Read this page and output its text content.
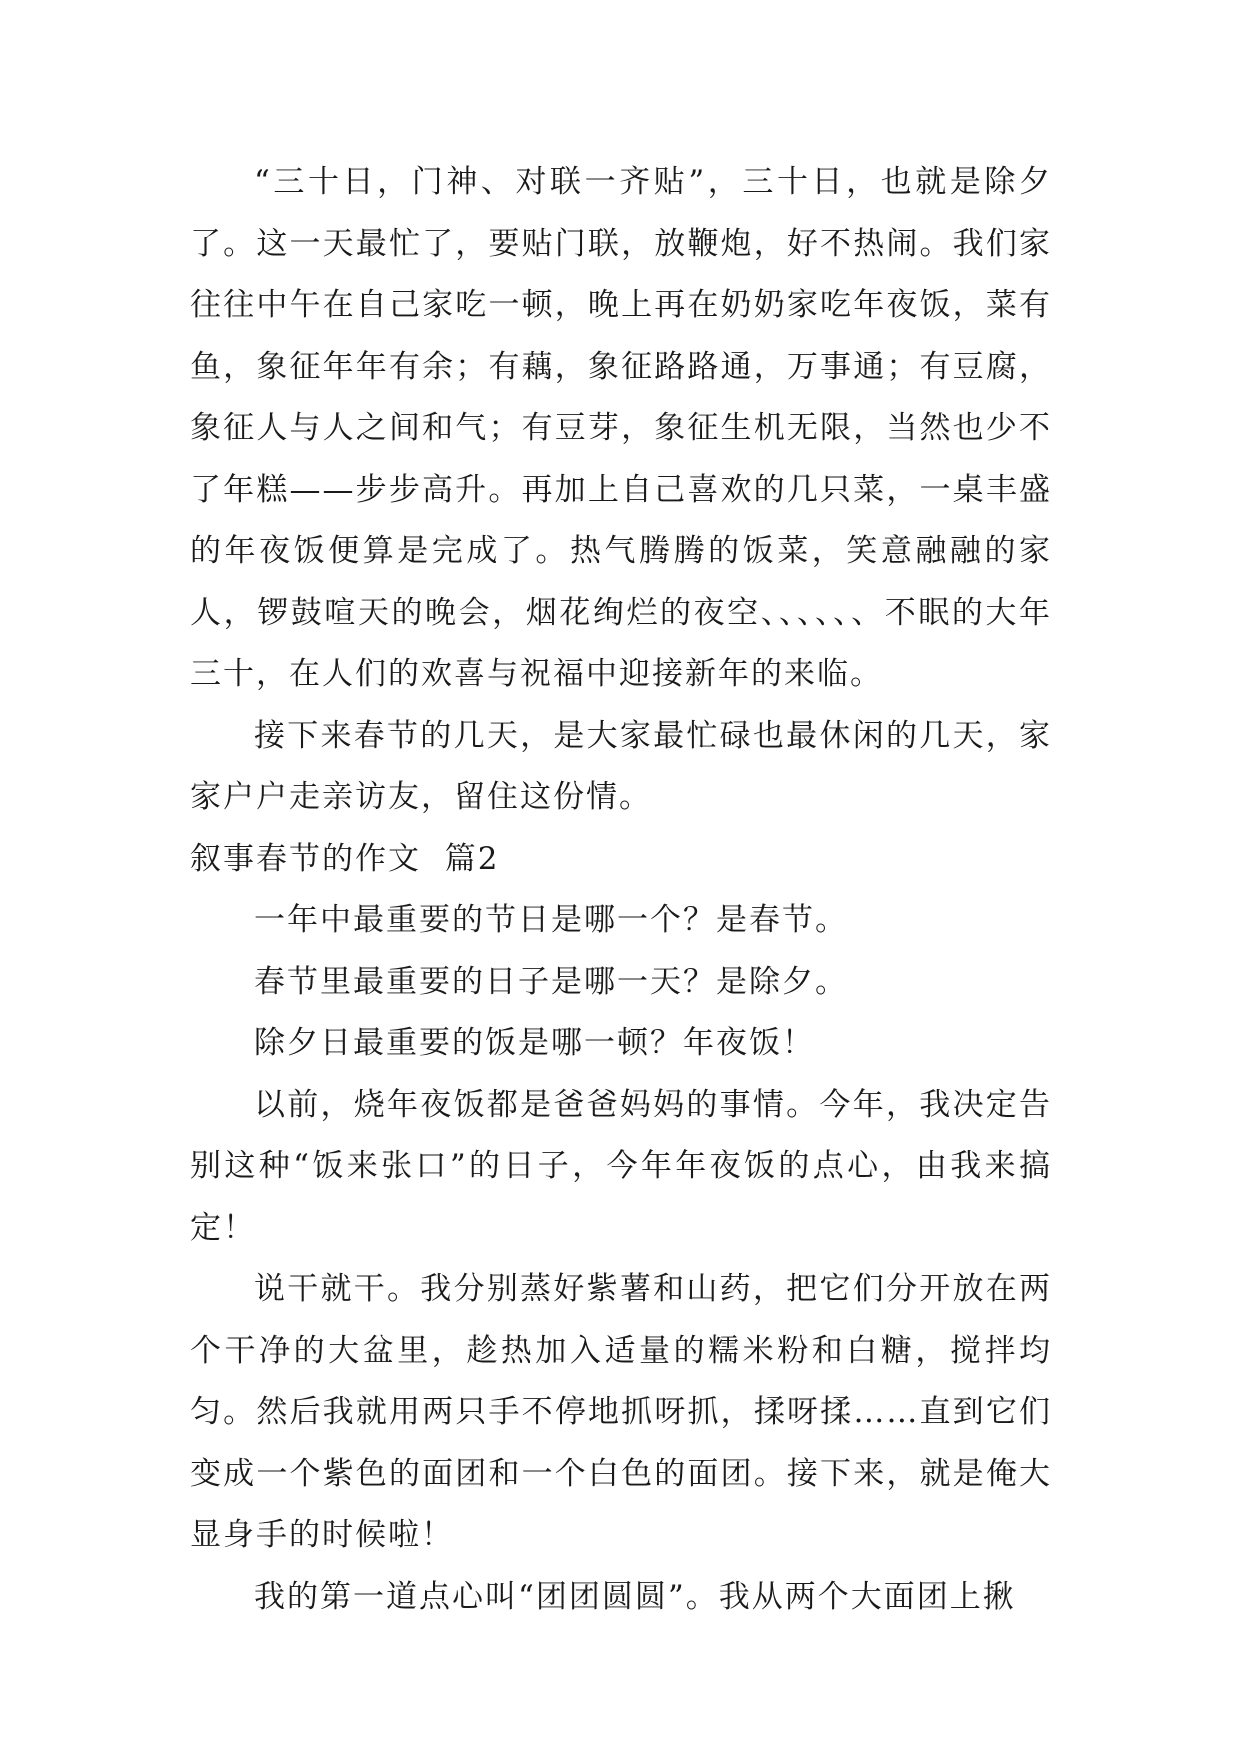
“三十日，门神、对联一齐贴”，三十日，也就是除夕了。这一天最忙了，要贴门联，放鞭炮，好不热闹。我们家往往中午在自己家吃一顿，晚上再在奶奶家吃年夜饭，菜有鱼，象征年年有余；有藕，象征路路通，万事通；有豆腐，象征人与人之间和气；有豆芽，象征生机无限，当然也少不了年糕——步步高升。再加上自己喜欢的几只菜，一桌丰盛的年夜饭便算是完成了。热气腾腾的饭菜，笑意融融的家人，锣鼓喧天的晚会，烟花绚烂的夜空、、、、、、不眠的大年三十，在人们的欢喜与祝福中迎接新年的来临。

接下来春节的几天，是大家最忙碌也最休闲的几天，家家户户走亲访友，留住这份情。

叙事春节的作文  篇2

一年中最重要的节日是哪一个？是春节。

春节里最重要的日子是哪一天？是除夕。

除夕日最重要的饭是哪一顿？年夜饭！

以前，烧年夜饭都是爸爸妈妈的事情。今年，我决定告别这种“饭来张口”的日子，今年年夜饭的点心，由我来搞定！

说干就干。我分别蒸好紫薯和山药，把它们分开放在两个干净的大盆里，趁热加入适量的糯米粉和白糖，搅拌均匀。然后我就用两只手不停地抓呀抓，揉呀揉……直到它们变成一个紫色的面团和一个白色的面团。接下来，就是俺大显身手的时候啦！

我的第一道点心叫“团团圆圆”。我从两个大面团上揪
